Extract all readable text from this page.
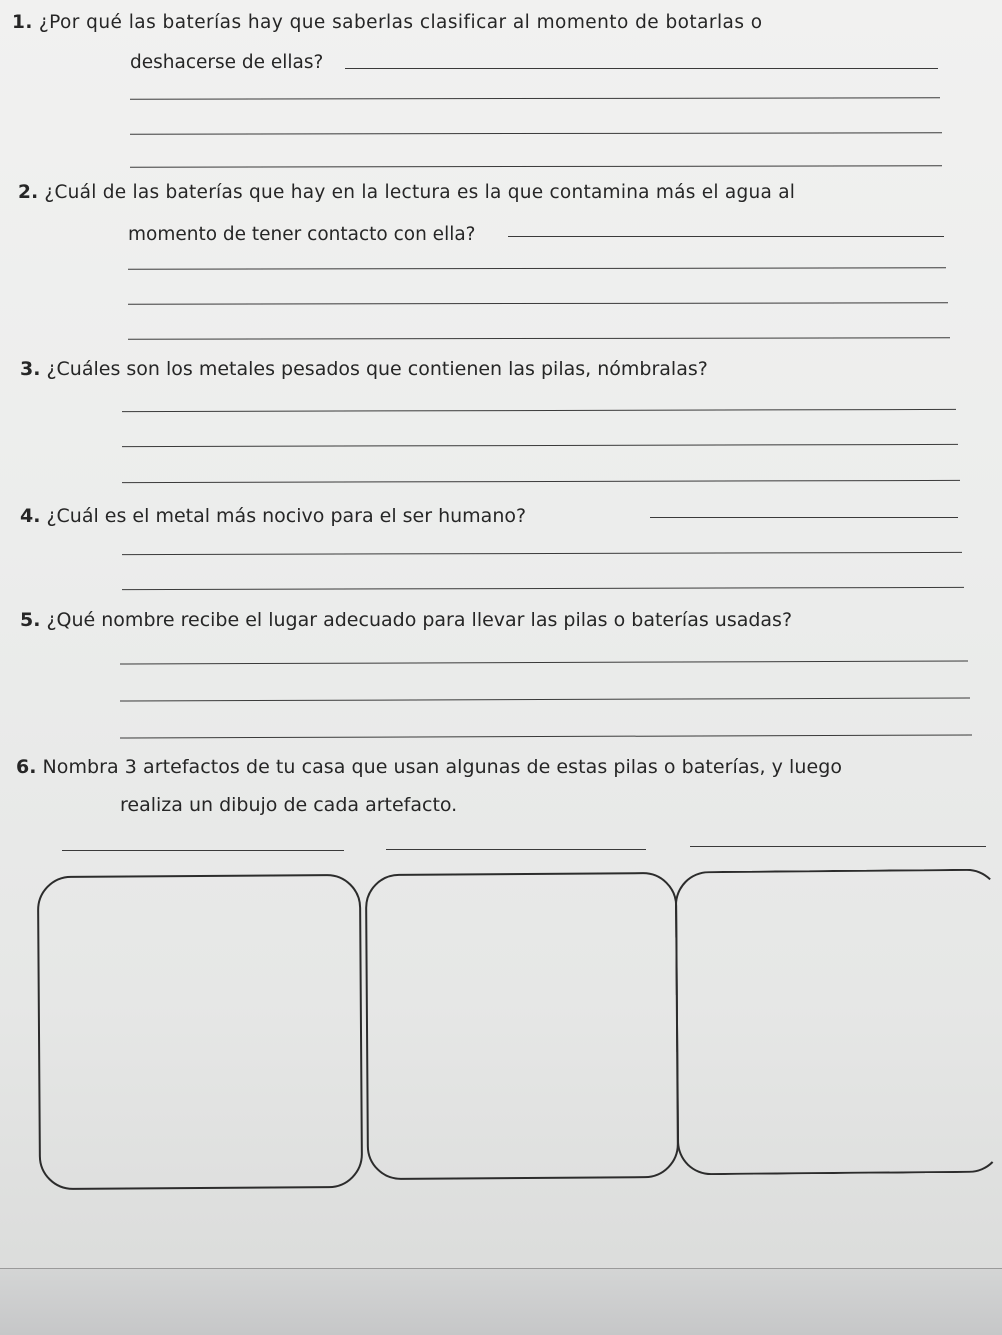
1. ¿Por qué las baterías hay que saberlas clasificar al momento de botarlas o
deshacerse de ellas?
2. ¿Cuál de las baterías que hay en la lectura es la que contamina más el agua al
momento de tener contacto con ella?
3. ¿Cuáles son los metales pesados que contienen las pilas, nómbralas?
4. ¿Cuál es el metal más nocivo para el ser humano?
5. ¿Qué nombre recibe el lugar adecuado para llevar las pilas o baterías usadas?
6. Nombra 3 artefactos de tu casa que usan algunas de estas pilas o baterías, y luego
realiza un dibujo de cada artefacto.
